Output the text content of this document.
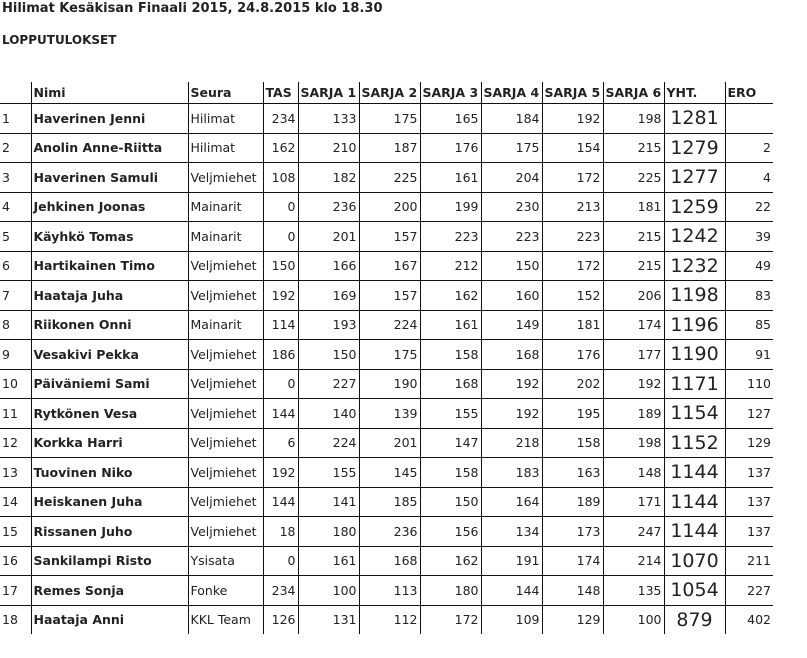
Hilimat Kesäkisan Finaali 2015, 24.8.2015 klo 18.30
LOPPUTULOKSET
	Nimi	Seura	TAS	SARJA 1	SARJA 2	SARJA 3	SARJA 4	SARJA 5	SARJA 6	YHT.	ERO
1	Haverinen Jenni	Hilimat	234	133	175	165	184	192	198	1281	
2	Anolin Anne-Riitta	Hilimat	162	210	187	176	175	154	215	1279	2
3	Haverinen Samuli	Veljmiehet	108	182	225	161	204	172	225	1277	4
4	Jehkinen Joonas	Mainarit	0	236	200	199	230	213	181	1259	22
5	Käyhkö Tomas	Mainarit	0	201	157	223	223	223	215	1242	39
6	Hartikainen Timo	Veljmiehet	150	166	167	212	150	172	215	1232	49
7	Haataja Juha	Veljmiehet	192	169	157	162	160	152	206	1198	83
8	Riikonen Onni	Mainarit	114	193	224	161	149	181	174	1196	85
9	Vesakivi Pekka	Veljmiehet	186	150	175	158	168	176	177	1190	91
10	Päiväniemi Sami	Veljmiehet	0	227	190	168	192	202	192	1171	110
11	Rytkönen Vesa	Veljmiehet	144	140	139	155	192	195	189	1154	127
12	Korkka Harri	Veljmiehet	6	224	201	147	218	158	198	1152	129
13	Tuovinen Niko	Veljmiehet	192	155	145	158	183	163	148	1144	137
14	Heiskanen Juha	Veljmiehet	144	141	185	150	164	189	171	1144	137
15	Rissanen Juho	Veljmiehet	18	180	236	156	134	173	247	1144	137
16	Sankilampi Risto	Ysisata	0	161	168	162	191	174	214	1070	211
17	Remes Sonja	Fonke	234	100	113	180	144	148	135	1054	227
18	Haataja Anni	KKL Team	126	131	112	172	109	129	100	879	402
